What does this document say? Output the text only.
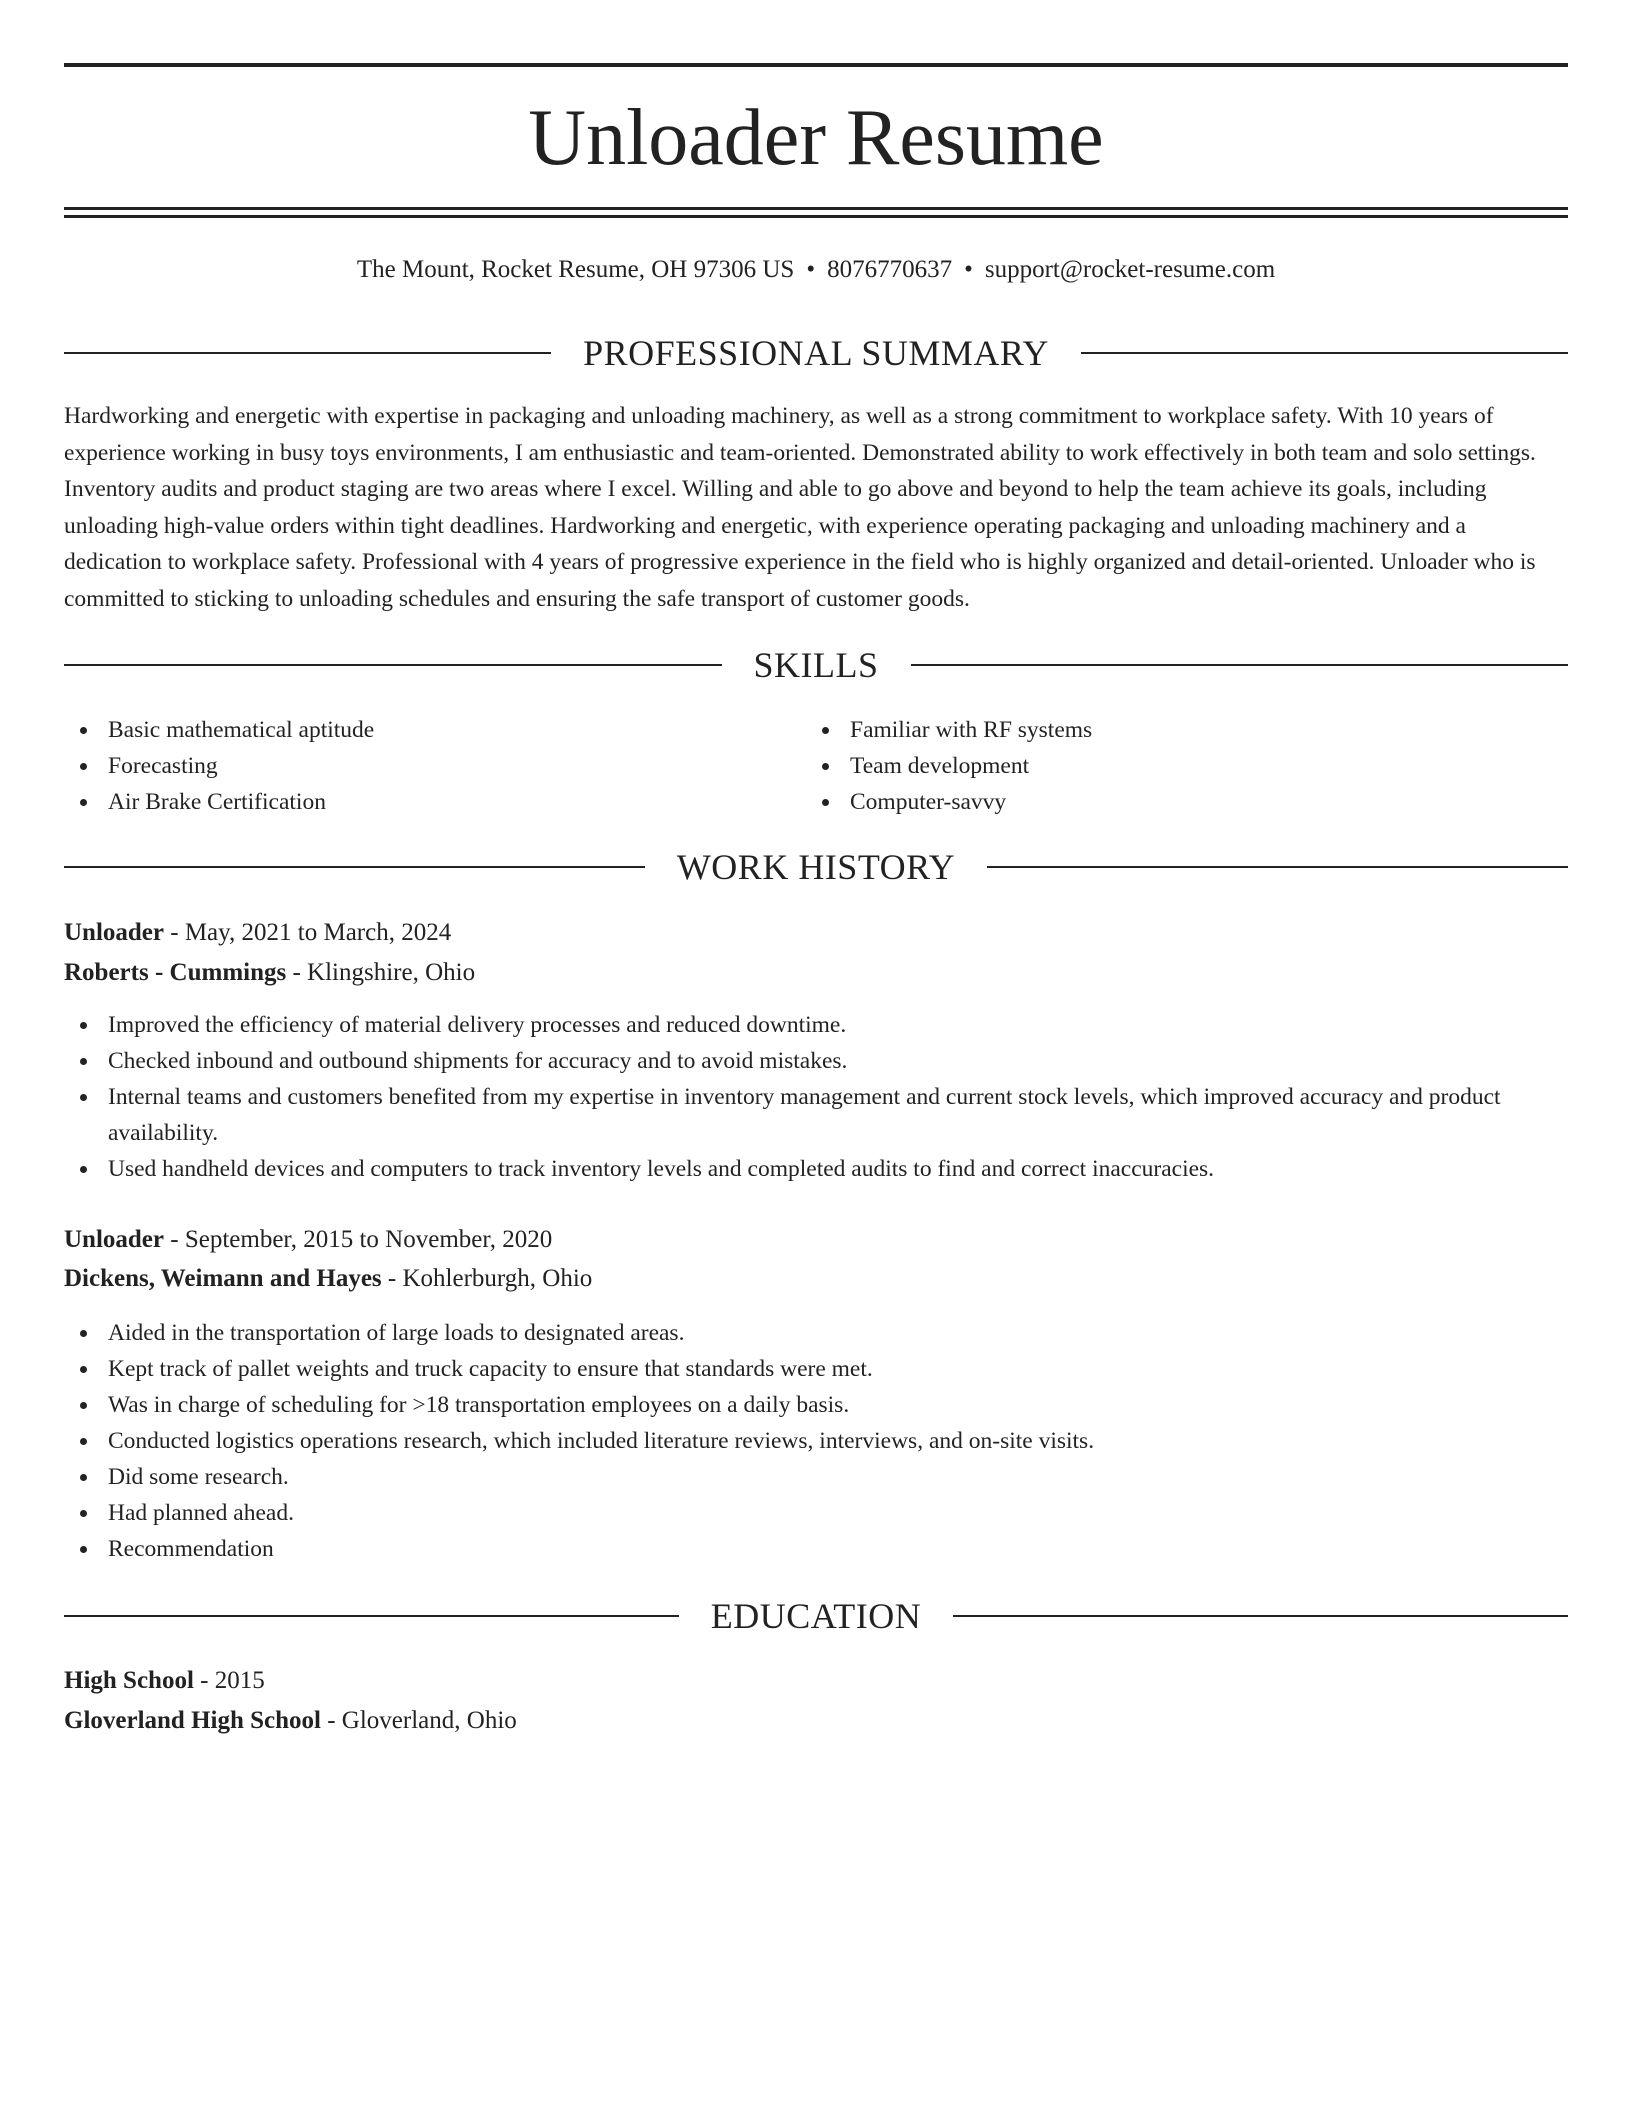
Unloader Resume
The Mount, Rocket Resume, OH 97306 US • 8076770637 • support@rocket-resume.com
PROFESSIONAL SUMMARY

Hardworking and energetic with expertise in packaging and unloading machinery, as well as a strong commitment to workplace safety. With 10 years of experience working in busy toys environments, I am enthusiastic and team-oriented. Demonstrated ability to work effectively in both team and solo settings. Inventory audits and product staging are two areas where I excel. Willing and able to go above and beyond to help the team achieve its goals, including unloading high-value orders within tight deadlines. Hardworking and energetic, with experience operating packaging and unloading machinery and a dedication to workplace safety. Professional with 4 years of progressive experience in the field who is highly organized and detail-oriented. Unloader who is committed to sticking to unloading schedules and ensuring the safe transport of customer goods.

SKILLS
Basic mathematical aptitude
Forecasting
Air Brake Certification
Familiar with RF systems
Team development
Computer-savvy
WORK HISTORY

Unloader - May, 2021 to March, 2024

Roberts - Cummings - Klingshire, Ohio

Improved the efficiency of material delivery processes and reduced downtime.
Checked inbound and outbound shipments for accuracy and to avoid mistakes.
Internal teams and customers benefited from my expertise in inventory management and current stock levels, which improved accuracy and product availability.
Used handheld devices and computers to track inventory levels and completed audits to find and correct inaccuracies.

Unloader - September, 2015 to November, 2020

Dickens, Weimann and Hayes - Kohlerburgh, Ohio

Aided in the transportation of large loads to designated areas.
Kept track of pallet weights and truck capacity to ensure that standards were met.
Was in charge of scheduling for >18 transportation employees on a daily basis.
Conducted logistics operations research, which included literature reviews, interviews, and on-site visits.
Did some research.
Had planned ahead.
Recommendation
EDUCATION

High School - 2015

Gloverland High School - Gloverland, Ohio
